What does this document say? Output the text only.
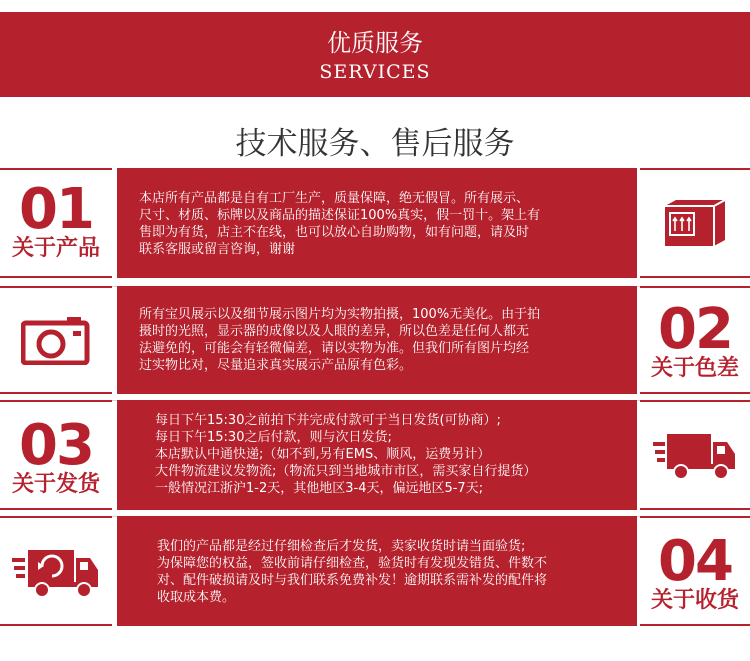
优质服务
SERVICES
技术服务、售后服务
01
关于产品

本店所有产品都是自有工厂生产，质量保障，绝无假冒。所有展示、

尺寸、材质、标牌以及商品的描述保证100%真实，假一罚十。架上有

售即为有货，店主不在线，也可以放心自助购物，如有问题，请及时

联系客服或留言咨询，谢谢

所有宝贝展示以及细节展示图片均为实物拍摄，100%无美化。由于拍

摄时的光照，显示器的成像以及人眼的差异，所以色差是任何人都无

法避免的，可能会有轻微偏差，请以实物为准。但我们所有图片均经

过实物比对，尽量追求真实展示产品原有色彩。

02
关于色差
03
关于发货

每日下午15:30之前拍下并完成付款可于当日发货(可协商）;

每日下午15:30之后付款，则与次日发货;

本店默认中通快递;（如不到,另有EMS、顺风，运费另计）

大件物流建议发物流;（物流只到当地城市市区，需买家自行提货）

一般情况江浙沪1-2天，其他地区3-4天，偏远地区5-7天;

我们的产品都是经过仔细检查后才发货，卖家收货时请当面验货;

为保障您的权益，签收前请仔细检查，验货时有发现发错货、件数不

对、配件破损请及时与我们联系免费补发！逾期联系需补发的配件将

收取成本费。

04
关于收货
